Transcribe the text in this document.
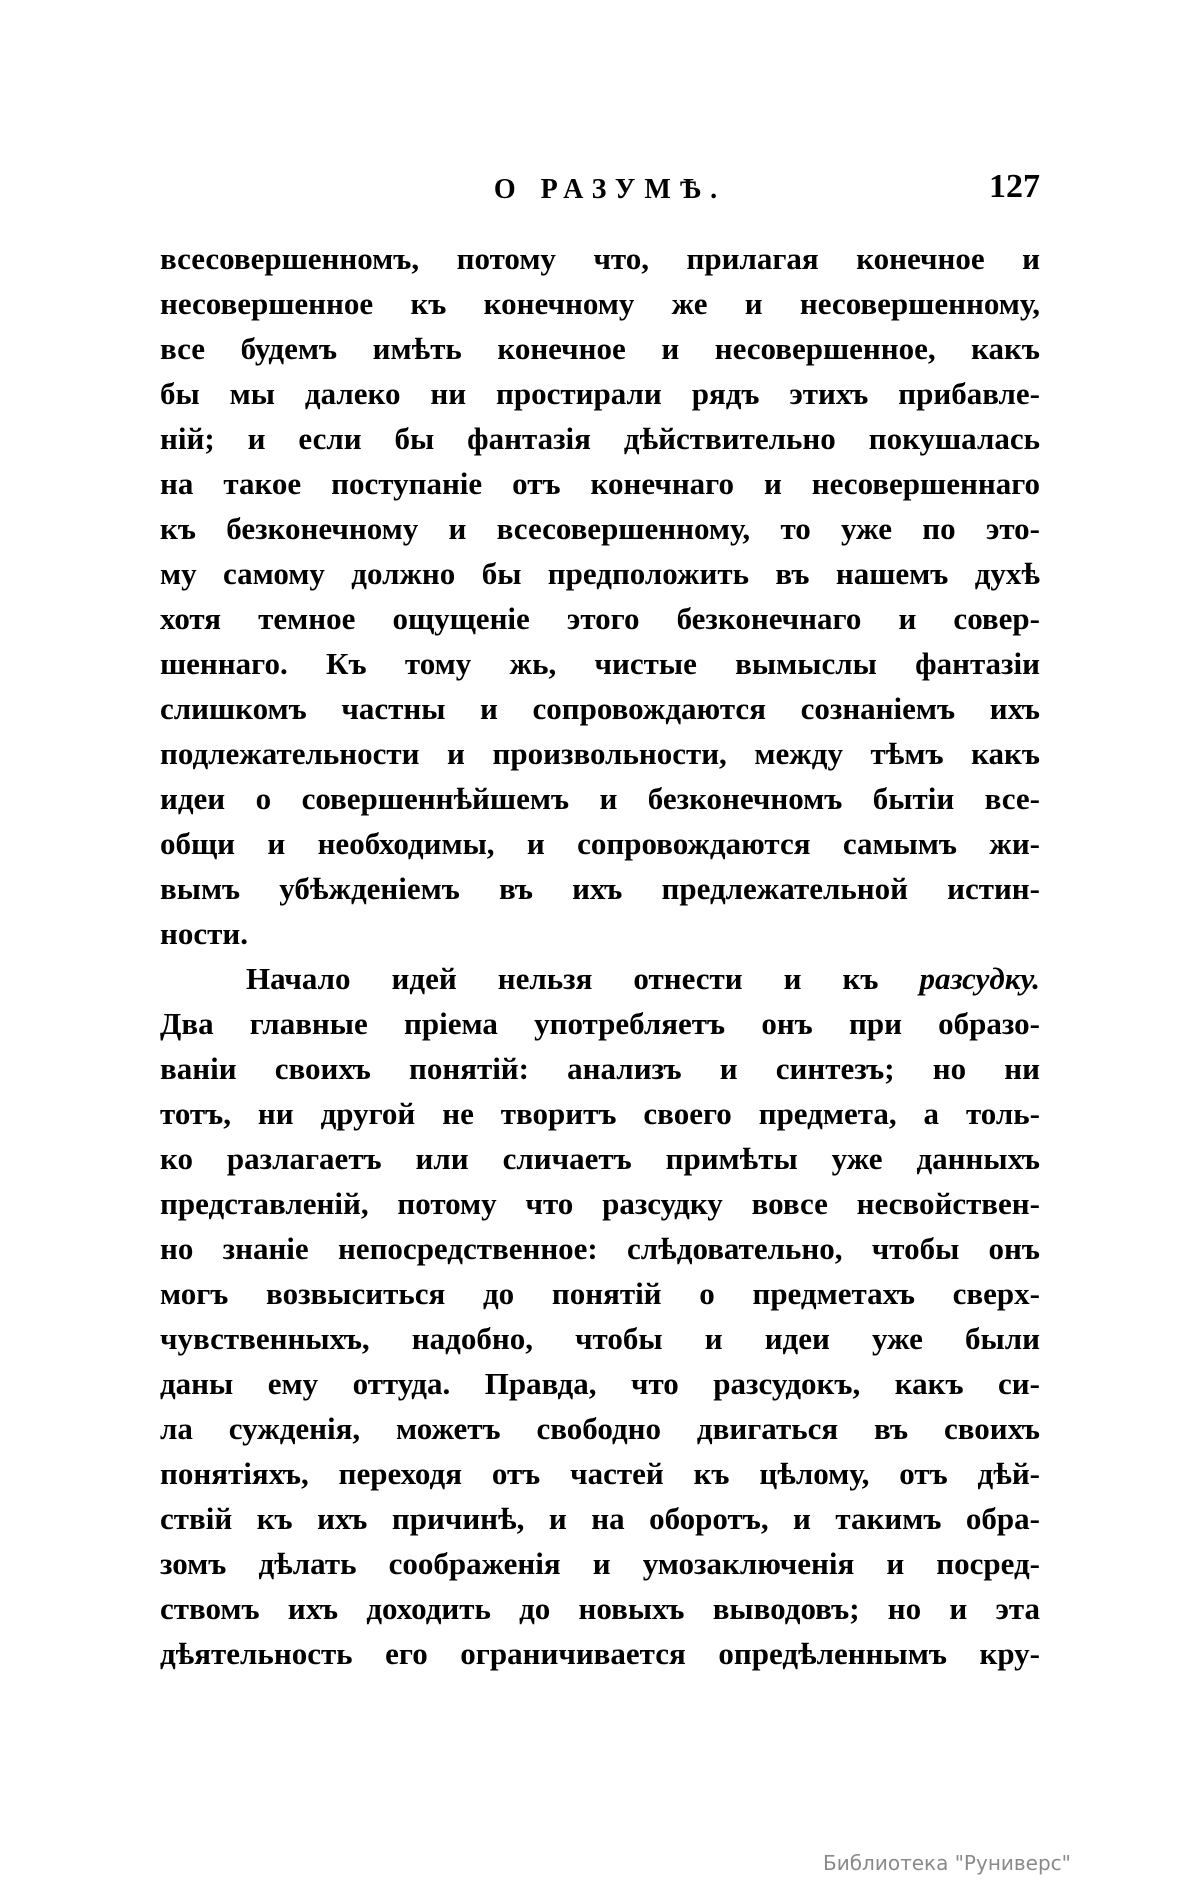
О РАЗУМѢ.	127
всесовершенномъ, потому что, прилагая конечное и
несовершенное къ конечному же и несовершенному,
все будемъ имѣть конечное и несовершенное, какъ
бы мы далеко ни простирали рядъ этихъ прибавле-
ній; и если бы фантазія дѣйствительно покушалась
на такое поступаніе отъ конечнаго и несовершеннаго
къ безконечному и всесовершенному, то уже по это-
му самому должно бы предположить въ нашемъ духѣ
хотя темное ощущеніе этого безконечнаго и совер-
шеннаго. Къ тому жь, чистые вымыслы фантазіи
слишкомъ частны и сопровождаются сознаніемъ ихъ
подлежательности и произвольности, между тѣмъ какъ
идеи о совершеннѣйшемъ и безконечномъ бытіи все-
общи и необходимы, и сопровождаются самымъ жи-
вымъ убѣжденіемъ въ ихъ предлежательной истин-
ности.
Начало идей нельзя отнести и къ разсудку.
Два главные пріема употребляетъ онъ при образо-
ваніи своихъ понятій: анализъ и синтезъ; но ни
тотъ, ни другой не творитъ своего предмета, а толь-
ко разлагаетъ или сличаетъ примѣты уже данныхъ
представленій, потому что разсудку вовсе несвойствен-
но знаніе непосредственное: слѣдовательно, чтобы онъ
могъ возвыситься до понятій о предметахъ сверх-
чувственныхъ, надобно, чтобы и идеи уже были
даны ему оттуда. Правда, что разсудокъ, какъ си-
ла сужденія, можетъ свободно двигаться въ своихъ
понятіяхъ, переходя отъ частей къ цѣлому, отъ дѣй-
ствій къ ихъ причинѣ, и на оборотъ, и такимъ обра-
зомъ дѣлать соображенія и умозаключенія и посред-
ствомъ ихъ доходить до новыхъ выводовъ; но и эта
дѣятельность его ограничивается опредѣленнымъ кру-
Библиотека "Руниверс"
